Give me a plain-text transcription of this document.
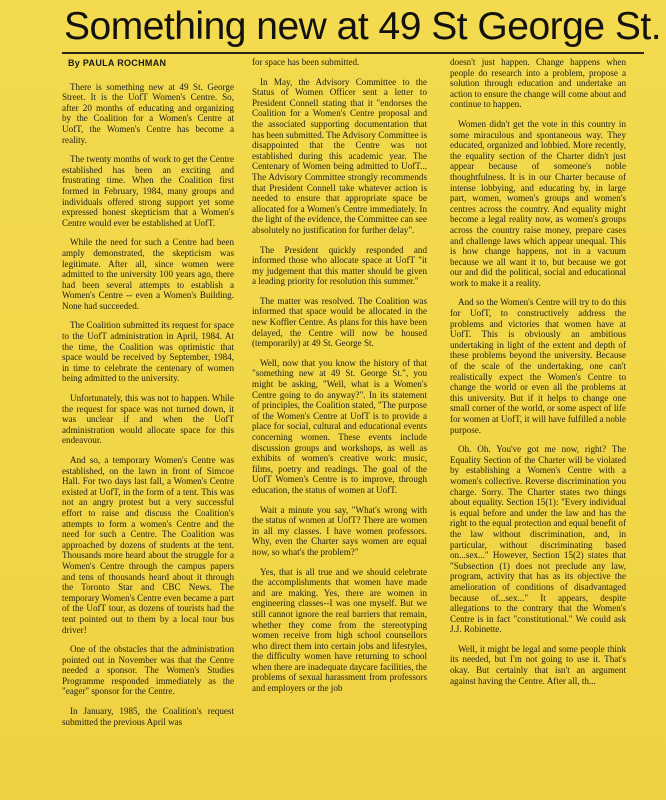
Something new at 49 St George St.
By PAULA ROCHMAN

There is something new at 49 St. George Street. It is the UofT Women's Centre. So, after 20 months of educating and organizing by the Coalition for a Women's Centre at UofT, the Women's Centre has become a reality.

The twenty months of work to get the Centre established has been an exciting and frustrating time. When the Coalition first formed in February, 1984, many groups and individuals offered strong support yet some expressed honest skepticism that a Women's Centre would ever be established at UofT.

While the need for such a Centre had been amply demonstrated, the skepticism was legitimate. After all, since women were admitted to the university 100 years ago, there had been several attempts to establish a Women's Centre -- even a Women's Building. None had succeeded.

The Coalition submitted its request for space to the UofT administration in April, 1984. At the time, the Coalition was optimistic that space would be received by September, 1984, in time to celebrate the centenary of women being admitted to the university.

Unfortunately, this was not to happen. While the request for space was not turned down, it was unclear if and when the UofT administration would allocate space for this endeavour.

And so, a temporary Women's Centre was established, on the lawn in front of Simcoe Hall. For two days last fall, a Women's Centre existed at UofT, in the form of a tent. This was not an angry protest but a very successful effort to raise and discuss the Coalition's attempts to form a women's Centre and the need for such a Centre. The Coalition was approached by dozens of students at the tent. Thousands more heard about the struggle for a Women's Centre through the campus papers and tens of thousands heard about it through the Toronto Star and CBC News. The temporary Women's Centre even became a part of the UofT tour, as dozens of tourists had the tent pointed out to them by a local tour bus driver!

One of the obstacles that the administration pointed out in November was that the Centre needed a sponsor. The Women's Studies Programme responded immediately as the "eager" sponsor for the Centre.

In January, 1985, the Coalition's request submitted the previous April was

for space has been submitted.

In May, the Advisory Committee to the Status of Women Officer sent a letter to President Connell stating that it "endorses the Coalition for a Women's Centre proposal and the associated supporting documentation that has been submitted. The Advisory Committee is disappointed that the Centre was not established during this academic year. The Centenary of Women being admitted to UofT... The Advisory Committee strongly recommends that President Connell take whatever action is needed to ensure that appropriate space be allocated for a Women's Centre immediately. In the light of the evidence, the Committee can see absolutely no justification for further delay".

The President quickly responded and informed those who allocate space at UofT "it my judgement that this matter should be given a leading priority for resolution this summer."

The matter was resolved. The Coalition was informed that space would be allocated in the new Koffler Centre. As plans for this have been delayed, the Centre will now be housed (temporarily) at 49 St. George St.

Well, now that you know the history of that "something new at 49 St. George St.", you might be asking, "Well, what is a Women's Centre going to do anyway?". In its statement of principles, the Coalition stated, "The purpose of the Women's Centre at UofT is to provide a place for social, cultural and educational events concerning women. These events include discussion groups and workshops, as well as exhibits of women's creative work: music, films, poetry and readings. The goal of the UofT Women's Centre is to improve, through education, the status of women at UofT.

Wait a minute you say, "What's wrong with the status of women at UofT? There are women in all my classes. I have women professors. Why, even the Charter says women are equal now, so what's the problem?"

Yes, that is all true and we should celebrate the accomplishments that women have made and are making. Yes, there are women in engineering classes--I was one myself. But we still cannot ignore the real barriers that remain, whether they come from the stereotyping women receive from high school counsellors who direct them into certain jobs and lifestyles, the difficulty women have returning to school when there are inadequate daycare facilities, the problems of sexual harassment from professors and employers or the job

doesn't just happen. Change happens when people do research into a problem, propose a solution through education and undertake an action to ensure the change will come about and continue to happen.

Women didn't get the vote in this country in some miraculous and spontaneous way. They educated, organized and lobbied. More recently, the equality section of the Charter didn't just appear because of someone's noble thoughtfulness. It is in our Charter because of intense lobbying, and educating by, in large part, women, women's groups and women's centres across the country. And equality might become a legal reality now, as women's groups across the country raise money, prepare cases and challenge laws which appear unequal. This is how change happens, not in a vacuum because we all want it to, but because we got our and did the political, social and educational work to make it a reality.

And so the Women's Centre will try to do this for UofT, to constructively address the problems and victories that women have at UofT. This is obviously an ambitious undertaking in light of the extent and depth of these problems beyond the university. Because of the scale of the undertaking, one can't realistically expect the Women's Centre to change the world or even all the problems at this university. But if it helps to change one small corner of the world, or some aspect of life for women at UofT, it will have fulfilled a noble purpose.

Oh. Oh. You've got me now, right? The Equality Section of the Charter will be violated by establishing a Women's Centre with a women's collective. Reverse discrimination you charge. Sorry. The Charter states two things about equality. Section 15(1): "Every individual is equal before and under the law and has the right to the equal protection and equal benefit of the law without discrimination, and, in particular, without discriminating based on...sex..." However, Section 15(2) states that "Subsection (1) does not preclude any law, program, activity that has as its objective the amelioration of conditions of disadvantaged because of...sex..." It appears, despite allegations to the contrary that the Women's Centre is in fact "constitutional." We could ask J.J. Robinette.

Well, it might be legal and some people think its needed, but I'm not going to use it. That's okay. But certainly that isn't an argument against having the Centre. After all, th...
